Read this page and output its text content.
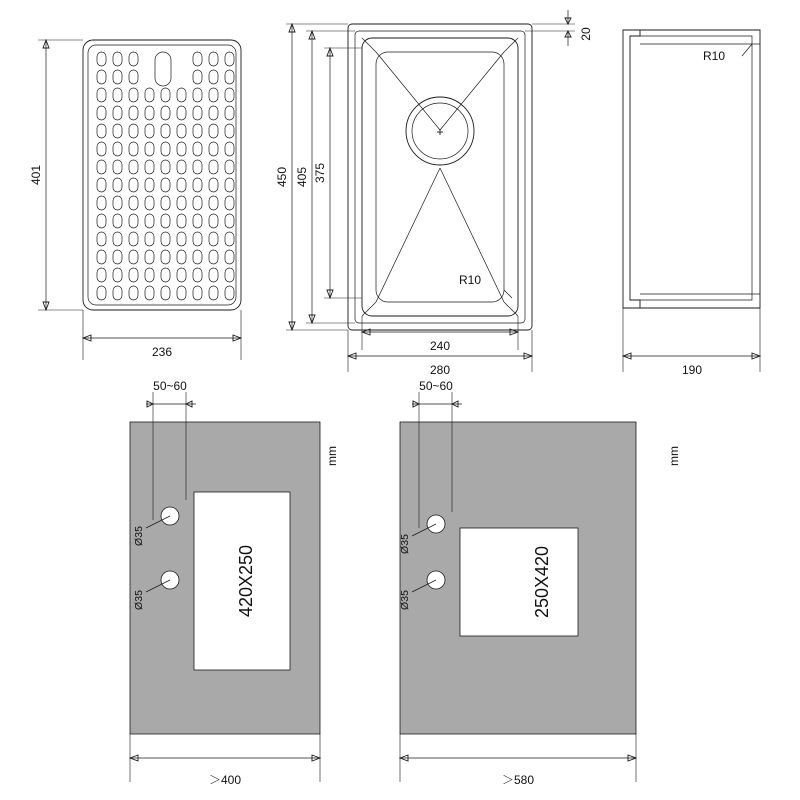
401
236
450 405 375
20
240
280
R10
+
R10
190
50~60
Ø35
Ø35	420X250
mm
＞400
50~60
Ø35
Ø35	250X420
mm
＞580
